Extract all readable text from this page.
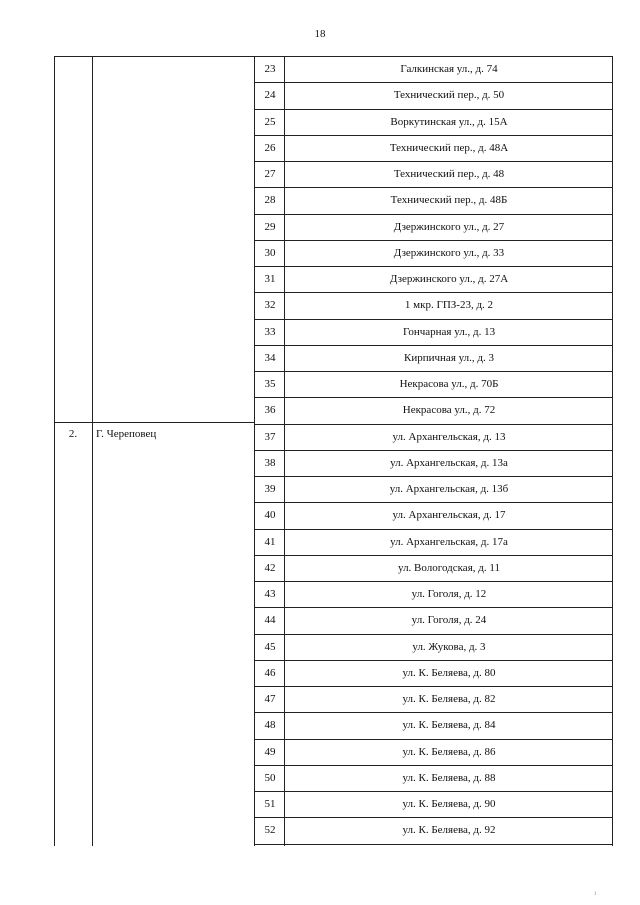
18
2.	Г. Череповец
23	Галкинская ул., д. 74
24	Технический пер., д. 50
25	Воркутинская ул., д. 15А
26	Технический пер., д. 48А
27	Технический пер., д. 48
28	Технический пер., д. 48Б
29	Дзержинского ул., д. 27
30	Дзержинского ул., д. 33
31	Дзержинского ул., д. 27А
32	1 мкр. ГПЗ-23, д. 2
33	Гончарная ул., д. 13
34	Кирпичная ул., д. 3
35	Некрасова ул., д. 70Б
36	Некрасова ул., д. 72
37	ул. Архангельская, д. 13
38	ул. Архангельская, д. 13а
39	ул. Архангельская, д. 13б
40	ул. Архангельская, д. 17
41	ул. Архангельская, д. 17а
42	ул. Вологодская, д. 11
43	ул. Гоголя, д. 12
44	ул. Гоголя, д. 24
45	ул. Жукова, д. 3
46	ул. К. Беляева, д. 80
47	ул. К. Беляева, д. 82
48	ул. К. Беляева, д. 84
49	ул. К. Беляева, д. 86
50	ул. К. Беляева, д. 88
51	ул. К. Беляева, д. 90
52	ул. К. Беляева, д. 92
i
